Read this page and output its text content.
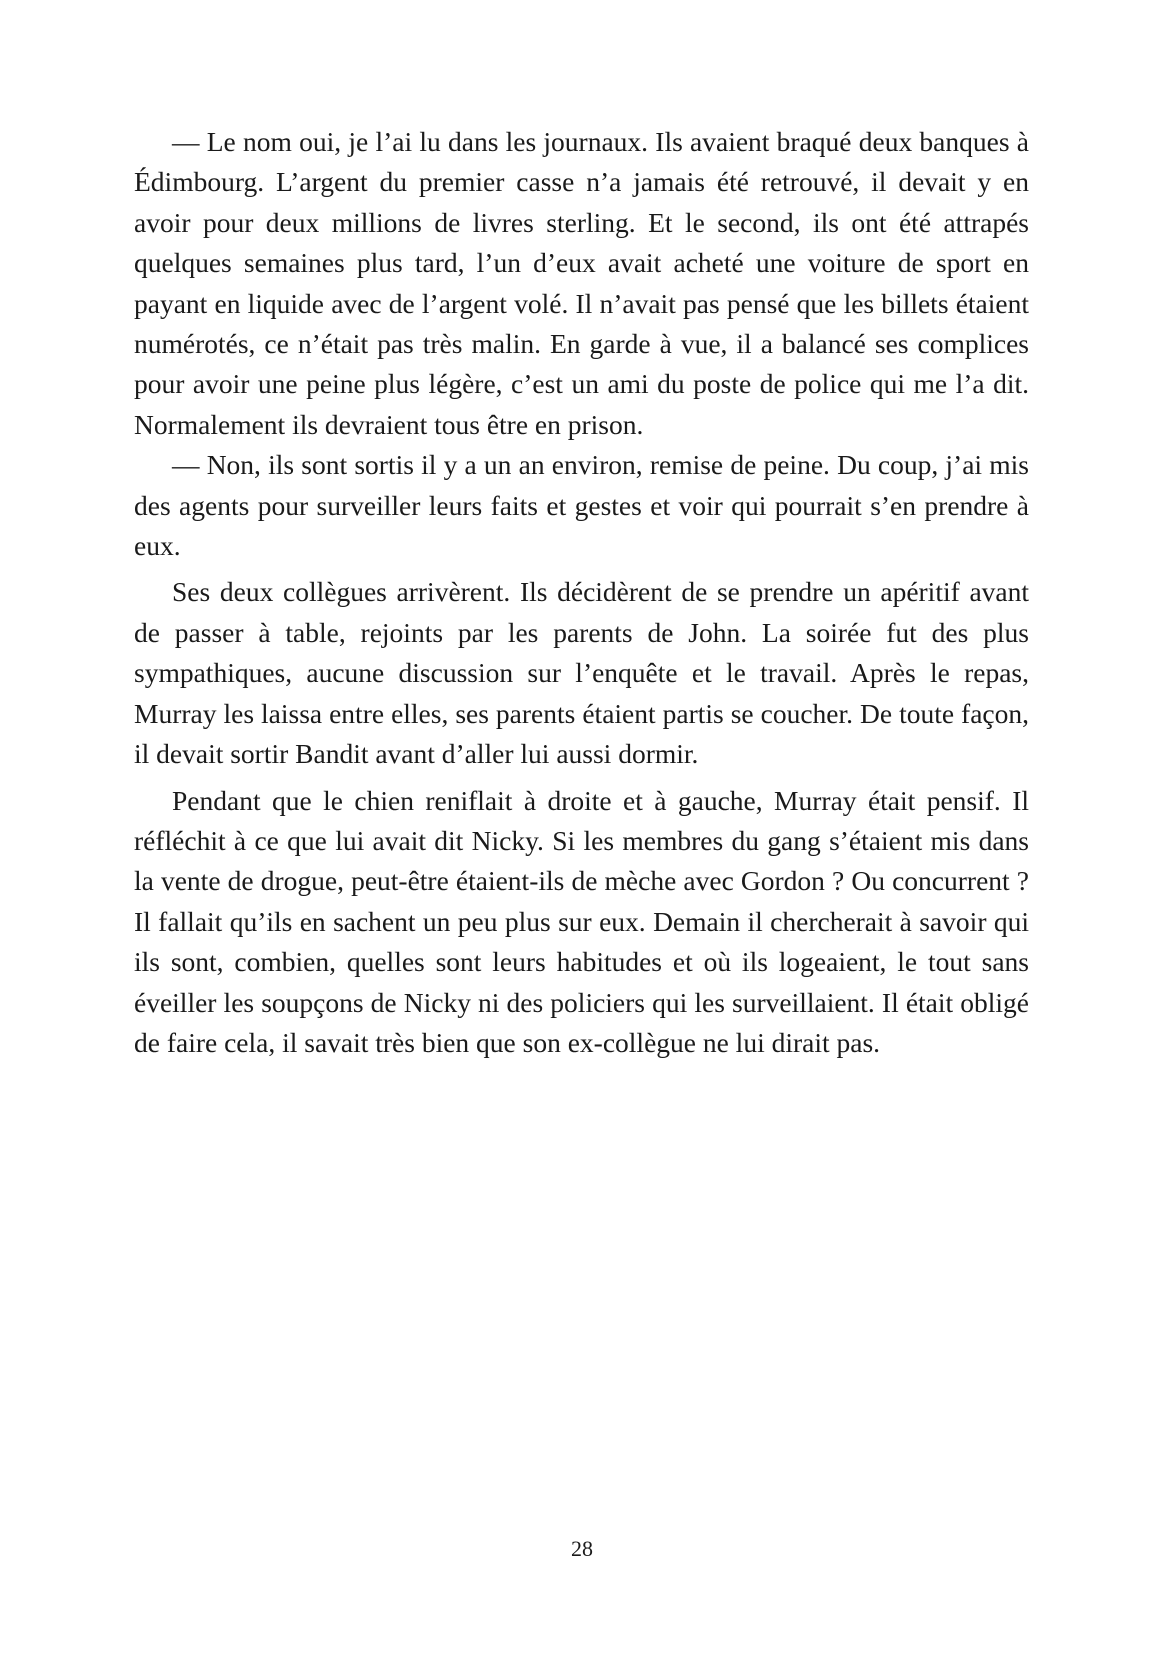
— Le nom oui, je l’ai lu dans les journaux. Ils avaient braqué deux banques à Édimbourg. L’argent du premier casse n’a jamais été retrouvé, il devait y en avoir pour deux millions de livres sterling. Et le second, ils ont été attrapés quelques semaines plus tard, l’un d’eux avait acheté une voiture de sport en payant en liquide avec de l’argent volé. Il n’avait pas pensé que les billets étaient numérotés, ce n’était pas très malin. En garde à vue, il a balancé ses complices pour avoir une peine plus légère, c’est un ami du poste de police qui me l’a dit. Normalement ils devraient tous être en prison.

— Non, ils sont sortis il y a un an environ, remise de peine. Du coup, j’ai mis des agents pour surveiller leurs faits et gestes et voir qui pourrait s’en prendre à eux.

Ses deux collègues arrivèrent. Ils décidèrent de se prendre un apéritif avant de passer à table, rejoints par les parents de John. La soirée fut des plus sympathiques, aucune discussion sur l’enquête et le travail. Après le repas, Murray les laissa entre elles, ses parents étaient partis se coucher. De toute façon, il devait sortir Bandit avant d’aller lui aussi dormir.

Pendant que le chien reniflait à droite et à gauche, Murray était pensif. Il réfléchit à ce que lui avait dit Nicky. Si les membres du gang s’étaient mis dans la vente de drogue, peut-être étaient-ils de mèche avec Gordon ? Ou concurrent ? Il fallait qu’ils en sachent un peu plus sur eux. Demain il chercherait à savoir qui ils sont, combien, quelles sont leurs habitudes et où ils logeaient, le tout sans éveiller les soupçons de Nicky ni des policiers qui les surveillaient. Il était obligé de faire cela, il savait très bien que son ex-collègue ne lui dirait pas.

28
